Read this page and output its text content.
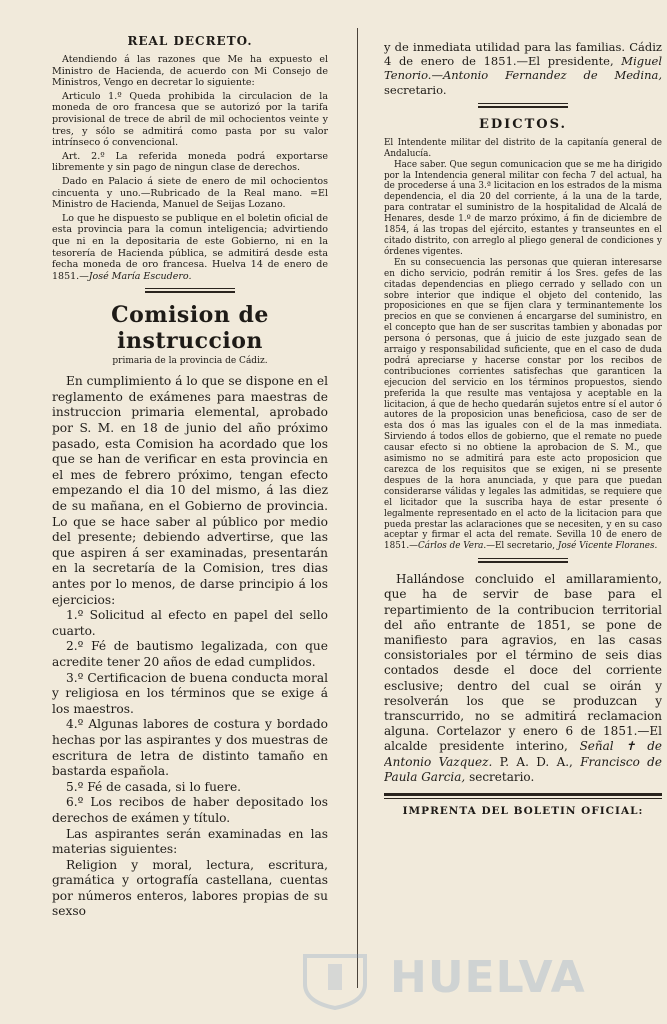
REAL DECRETO.

Atendiendo á las razones que Me ha expuesto el Ministro de Hacienda, de acuerdo con Mi Consejo de Ministros, Vengo en decretar lo siguiente:

Articulo 1.º Queda prohibida la circulacion de la moneda de oro francesa que se autorizó por la tarifa provisional de trece de abril de mil ochocientos veinte y tres, y sólo se admitirá como pasta por su valor intrínseco ó convencional.

Art. 2.º La referida moneda podrá exportarse libremente y sin pago de ningun clase de derechos.

Dado en Palacio á siete de enero de mil ochocientos cincuenta y uno.—Rubricado de la Real mano. =El Ministro de Hacienda, Manuel de Seijas Lozano.

Lo que he dispuesto se publique en el boletin oficial de esta provincia para la comun inteligencia; advirtiendo que ni en la depositaria de este Gobierno, ni en la tesorería de Hacienda pública, se admitirá desde esta fecha moneda de oro francesa. Huelva 14 de enero de 1851.—José María Escudero.

Comision de instruccion
primaria de la provincia de Cádiz.

En cumplimiento á lo que se dispone en el reglamento de exámenes para maestras de instruccion primaria elemental, aprobado por S. M. en 18 de junio del año próximo pasado, esta Comision ha acordado que los que se han de verificar en esta provincia en el mes de febrero próximo, tengan efecto empezando el dia 10 del mismo, á las diez de su mañana, en el Gobierno de provincia. Lo que se hace saber al público por medio del presente; debiendo advertirse, que las que aspiren á ser examinadas, presentarán en la secretaría de la Comision, tres dias antes por lo menos, de darse principio á los ejercicios:

1.º Solicitud al efecto en papel del sello cuarto.

2.º Fé de bautismo legalizada, con que acredite tener 20 años de edad cumplidos.

3.º Certificacion de buena conducta moral y religiosa en los términos que se exige á los maestros.

4.º Algunas labores de costura y bordado hechas por las aspirantes y dos muestras de escritura de letra de distinto tamaño en bastarda española.

5.º Fé de casada, si lo fuere.

6.º Los recibos de haber depositado los derechos de exámen y título.

Las aspirantes serán examinadas en las materias siguientes:

Religion y moral, lectura, escritura, gramática y ortografía castellana, cuentas por números enteros, labores propias de su sexso

y de inmediata utilidad para las familias. Cádiz 4 de enero de 1851.—El presidente, Miguel Tenorio.—Antonio Fernandez de Medina, secretario.

EDICTOS.

El Intendente militar del distrito de la capitanía general de Andalucía.

Hace saber. Que segun comunicacion que se me ha dirigido por la Intendencia general militar con fecha 7 del actual, ha de procederse á una 3.ª licitacion en los estrados de la misma dependencia, el dia 20 del corriente, á la una de la tarde, para contratar el suministro de la hospitalidad de Alcalá de Henares, desde 1.º de marzo próximo, á fin de diciembre de 1854, á las tropas del ejército, estantes y transeuntes en el citado distrito, con arreglo al pliego general de condiciones y órdenes vigentes.

En su consecuencia las personas que quieran interesarse en dicho servicio, podrán remitir á los Sres. gefes de las citadas dependencias en pliego cerrado y sellado con un sobre interior que indique el objeto del contenido, las proposiciones en que se fijen clara y terminantemente los precios en que se convienen á encargarse del suministro, en el concepto que han de ser suscritas tambien y abonadas por persona ó personas, que á juicio de este juzgado sean de arraigo y responsabilidad suficiente, que en el caso de duda podrá apreciarse y hacerse constar por los recibos de contribuciones corrientes satisfechas que garanticen la ejecucion del servicio en los términos propuestos, siendo preferida la que resulte mas ventajosa y aceptable en la licitacion, á que de hecho quedarán sujetos entre sí el autor ó autores de la proposicion unas beneficiosa, caso de ser de esta dos ó mas las iguales con el de la mas inmediata. Sirviendo á todos ellos de gobierno, que el remate no puede causar efecto si no obtiene la aprobacion de S. M., que asimismo no se admitirá para este acto proposicion que carezca de los requisitos que se exigen, ni se presente despues de la hora anunciada, y que para que puedan considerarse válidas y legales las admitidas, se requiere que el licitador que la suscriba haya de estar presente ó legalmente representado en el acto de la licitacion para que pueda prestar las aclaraciones que se necesiten, y en su caso aceptar y firmar el acta del remate. Sevilla 10 de enero de 1851.—Cárlos de Vera.—El secretario, José Vicente Floranes.

Hallándose concluido el amillaramiento, que ha de servir de base para el repartimiento de la contribucion territorial del año entrante de 1851, se pone de manifiesto para agravios, en las casas consistoriales por el término de seis dias contados desde el doce del corriente esclusive; dentro del cual se oirán y resolverán los que se produzcan y transcurrido, no se admitirá reclamacion alguna. Cortelazor y enero 6 de 1851.—El alcalde presidente interino, Señal ✝ de Antonio Vazquez. P. A. D. A., Francisco de Paula Garcia, secretario.

IMPRENTA DEL BOLETIN OFICIAL:
HUELVA
